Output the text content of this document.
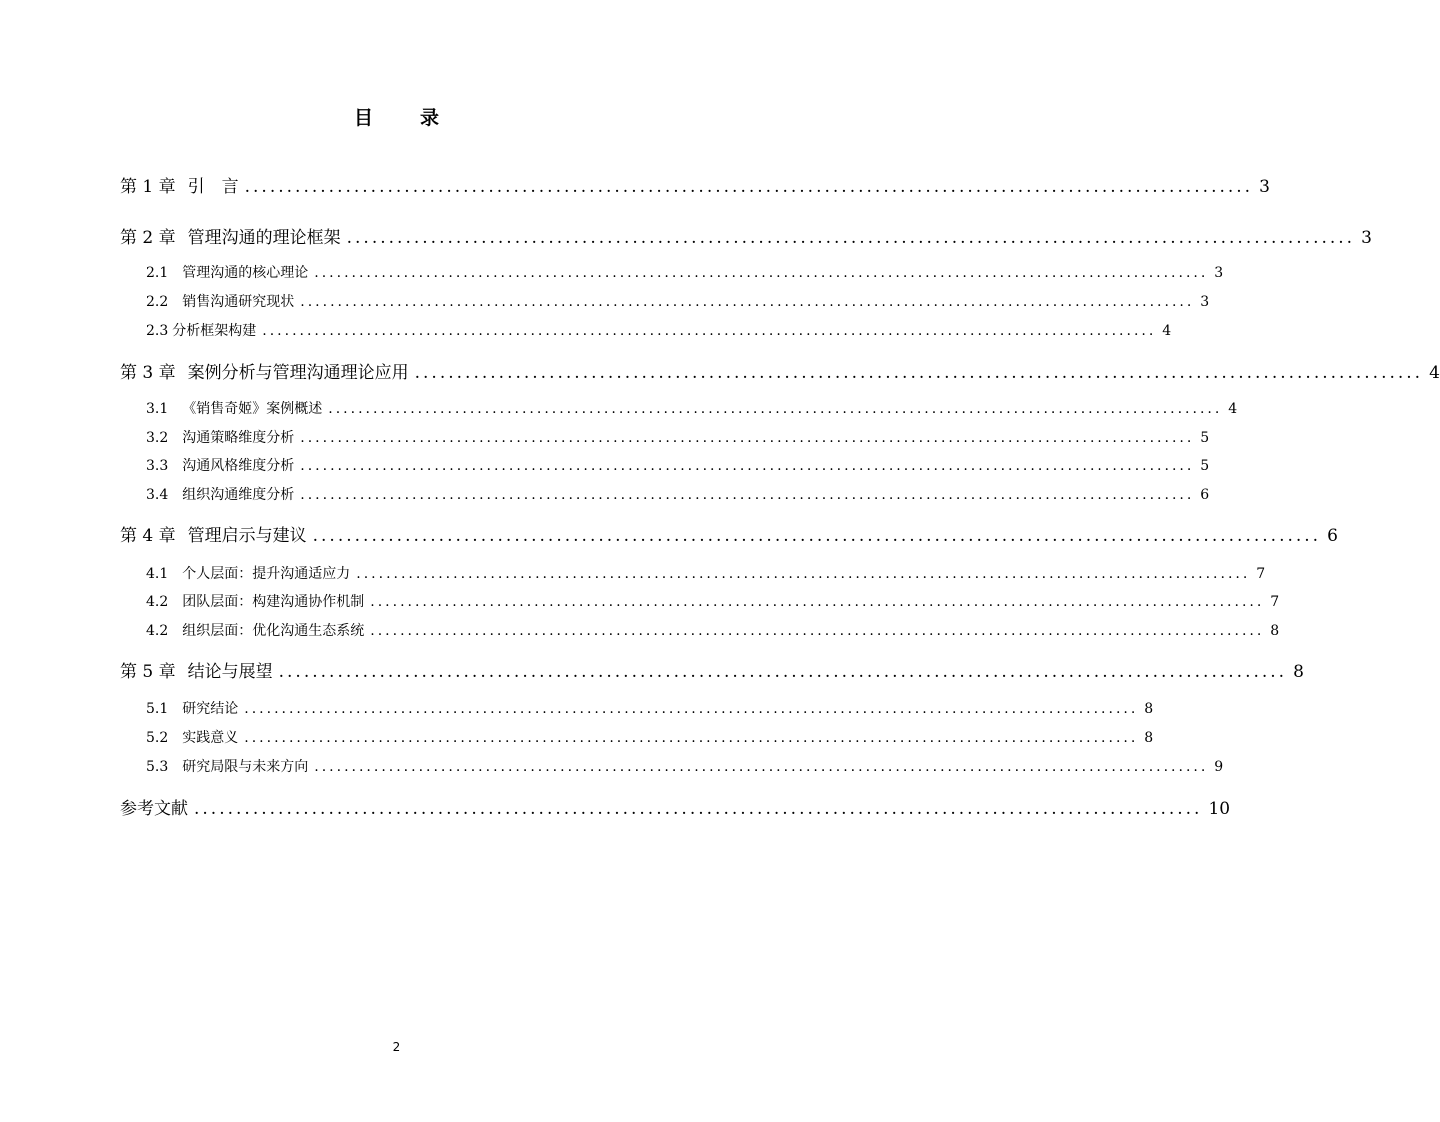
目　录
第 1 章 引　言 ........................................................................................................................ 3
第 2 章 管理沟通的理论框架 ........................................................................................................................ 3
2.1 管理沟通的核心理论 ........................................................................................................................ 3
2.2 销售沟通研究现状 ........................................................................................................................ 3
2.3 分析框架构建 ........................................................................................................................ 4
第 3 章 案例分析与管理沟通理论应用 ........................................................................................................................ 4
3.1 《销售奇姬》案例概述 ........................................................................................................................ 4
3.2 沟通策略维度分析 ........................................................................................................................ 5
3.3 沟通风格维度分析 ........................................................................................................................ 5
3.4 组织沟通维度分析 ........................................................................................................................ 6
第 4 章 管理启示与建议 ........................................................................................................................ 6
4.1 个人层面：提升沟通适应力 ........................................................................................................................ 7
4.2 团队层面：构建沟通协作机制 ........................................................................................................................ 7
4.2 组织层面：优化沟通生态系统 ........................................................................................................................ 8
第 5 章 结论与展望 ........................................................................................................................ 8
5.1 研究结论 ........................................................................................................................ 8
5.2 实践意义 ........................................................................................................................ 8
5.3 研究局限与未来方向 ........................................................................................................................ 9
参考文献 ........................................................................................................................ 10
2
